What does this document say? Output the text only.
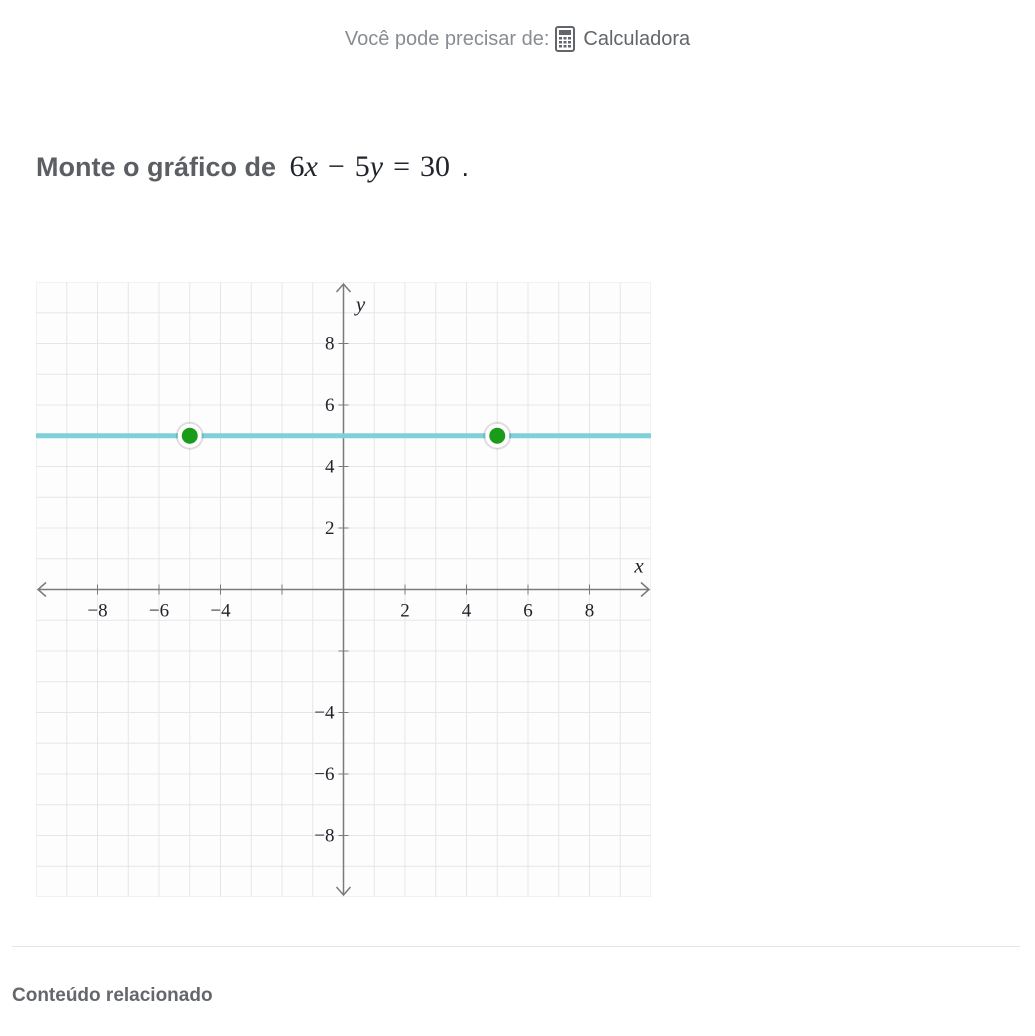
Você pode precisar de: Calculadora
Monte o gráfico de 6x − 5y = 30 .
−8 −6 −4	2	4	6	8
8
6
4
2
−4
−6
−8
x
y
Conteúdo relacionado
